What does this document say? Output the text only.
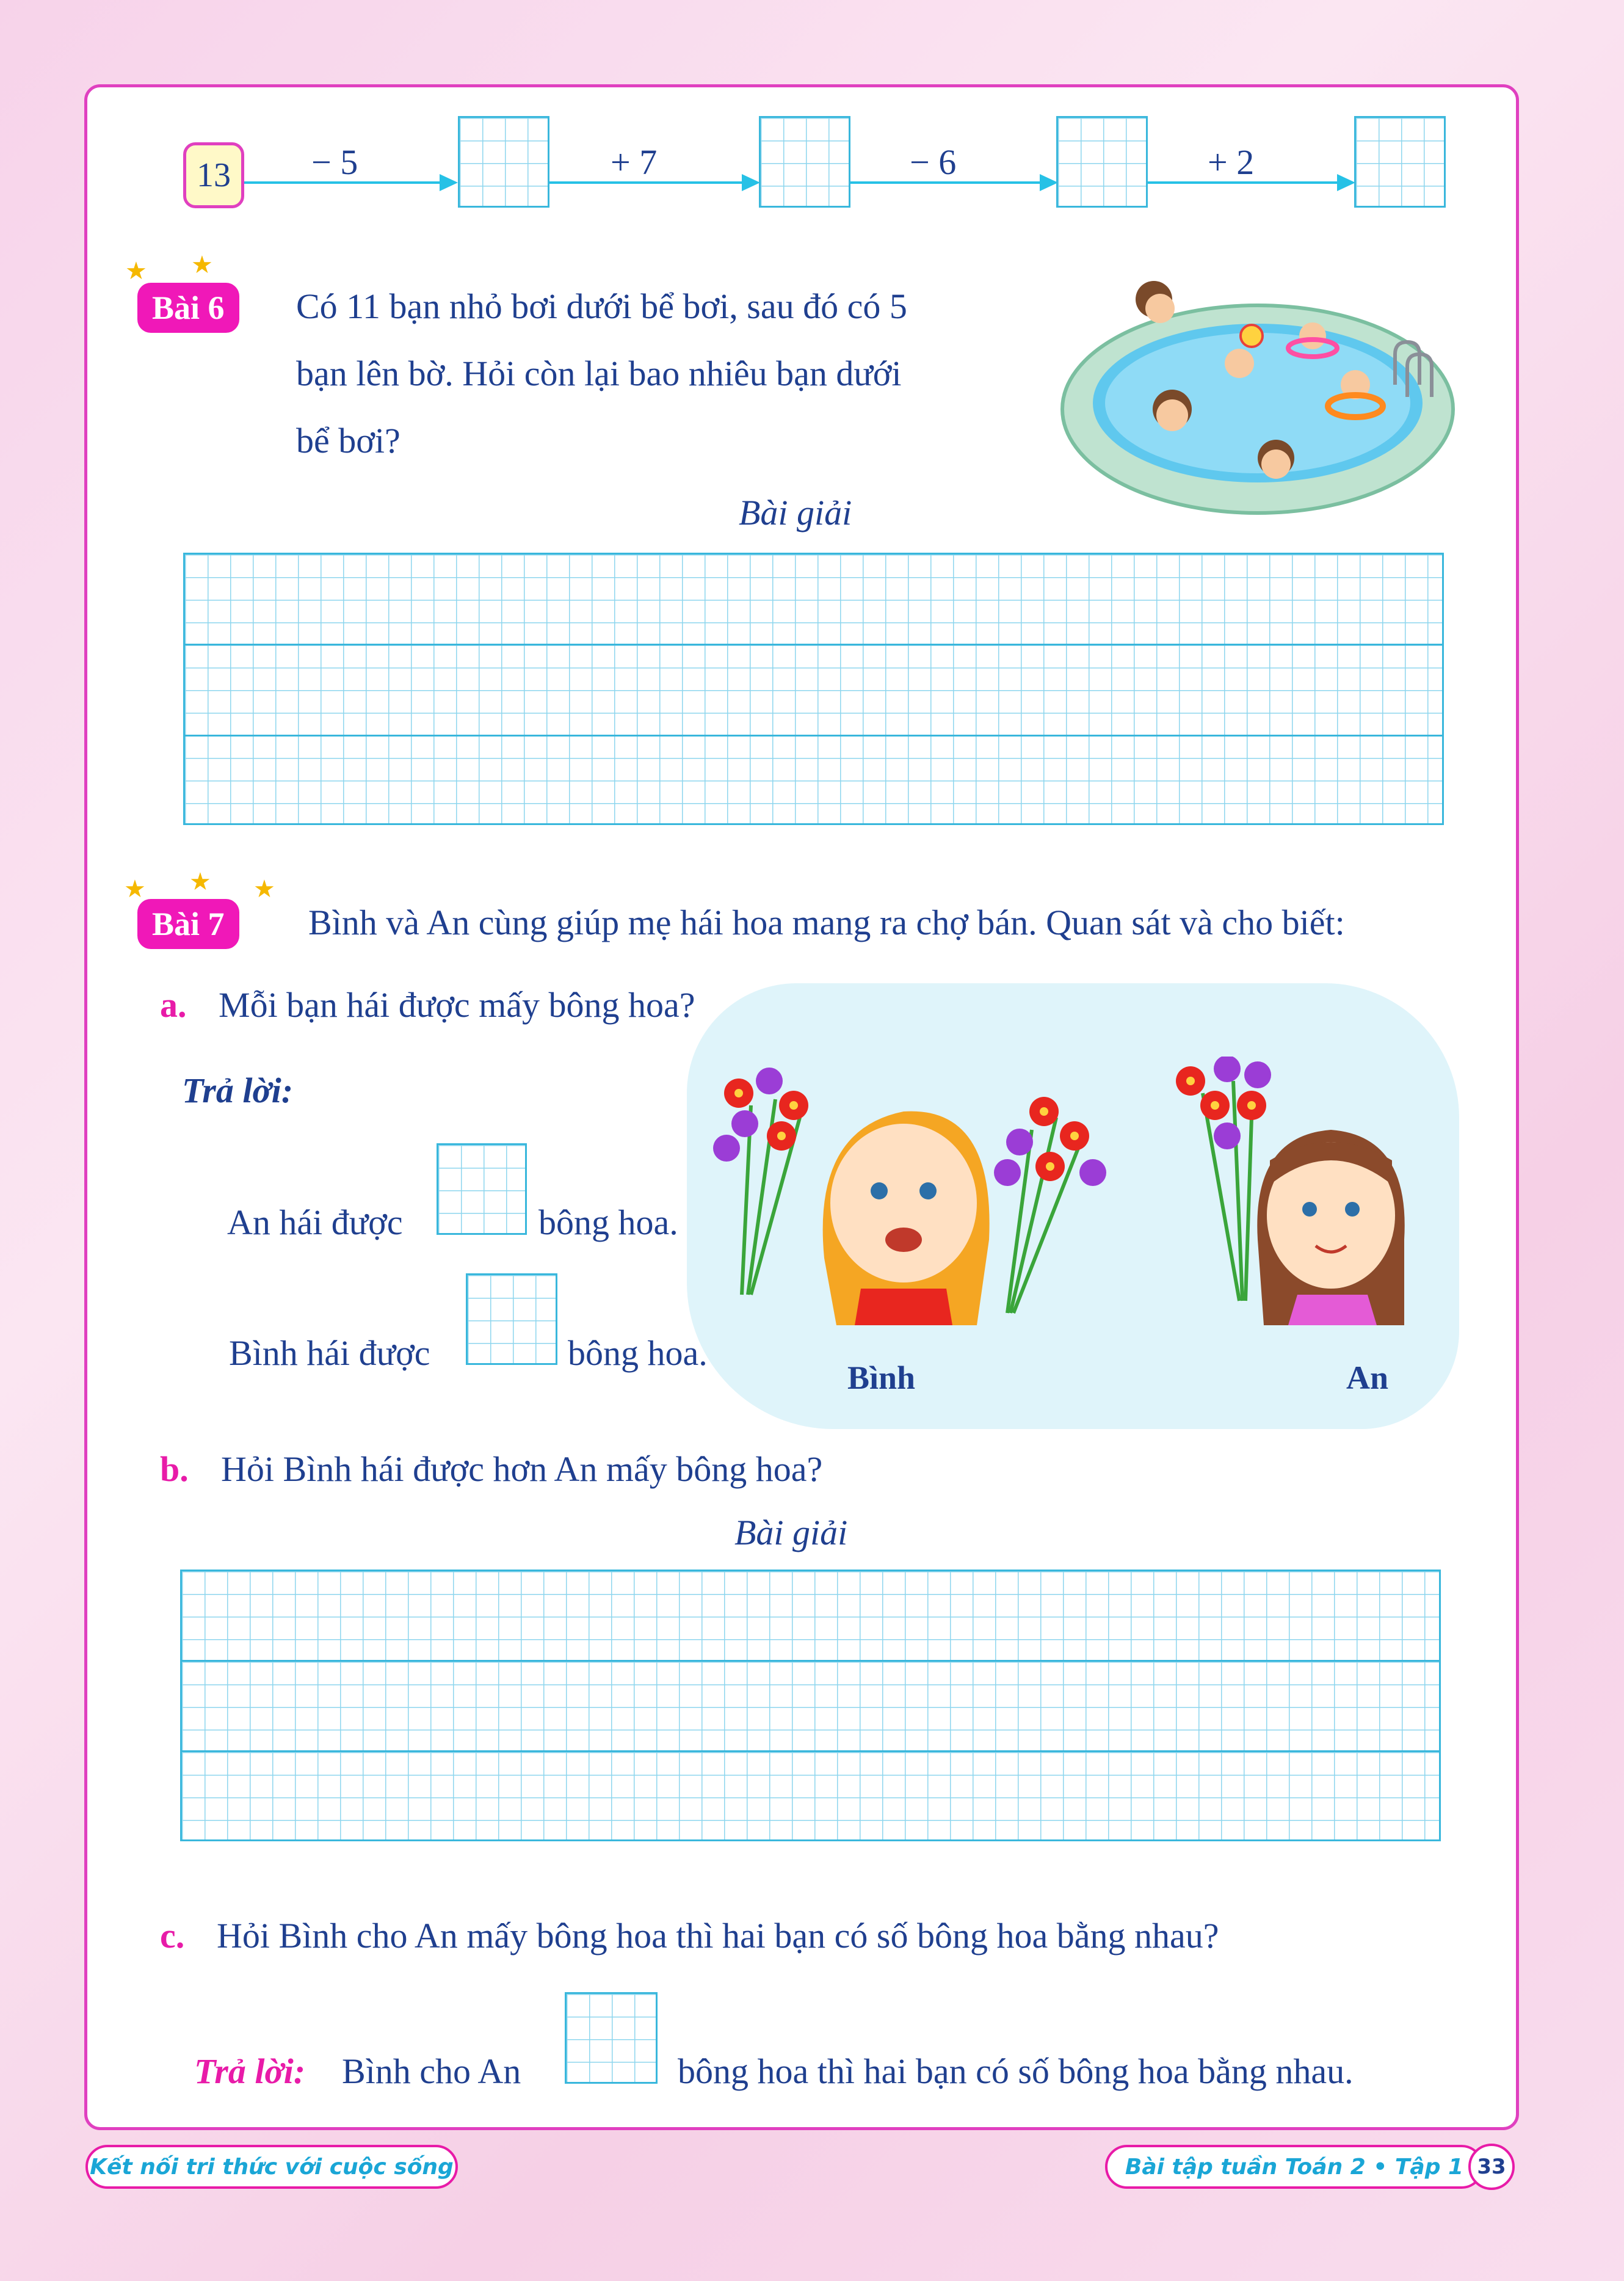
13	− 5	+ 7	− 6	+ 2
★ ★
Bài 6	Có 11 bạn nhỏ bơi dưới bể bơi, sau đó có 5
bạn lên bờ. Hỏi còn lại bao nhiêu bạn dưới
bể bơi?
Bài giải
★ ★ ★
Bài 7	Bình và An cùng giúp mẹ hái hoa mang ra chợ bán. Quan sát và cho biết:
a. Mỗi bạn hái được mấy bông hoa?
Bình	An
Trả lời:
An hái được	bông hoa.
Bình hái được	bông hoa.
b. Hỏi Bình hái được hơn An mấy bông hoa?
Bài giải
c. Hỏi Bình cho An mấy bông hoa thì hai bạn có số bông hoa bằng nhau?
Trả lời: Bình cho An	bông hoa thì hai bạn có số bông hoa bằng nhau.
Kết nối tri thức với cuộc sống	Bài tập tuần Toán 2 • Tập 1 33
